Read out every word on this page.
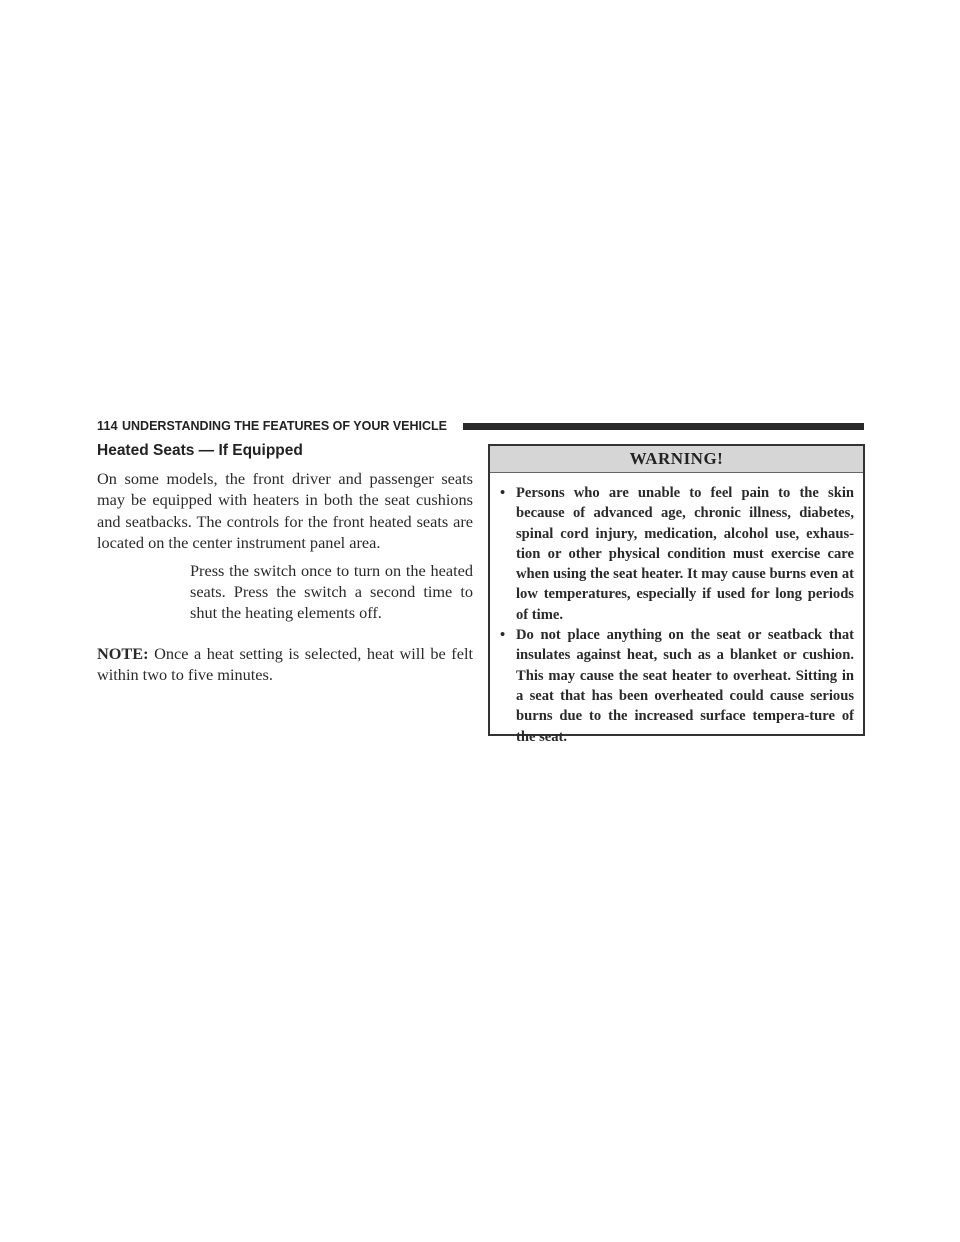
114 UNDERSTANDING THE FEATURES OF YOUR VEHICLE
Heated Seats — If Equipped

On some models, the front driver and passenger seats may be equipped with heaters in both the seat cushions and seatbacks. The controls for the front heated seats are located on the center instrument panel area.

Press the switch once to turn on the heated seats. Press the switch a second time to shut the heating elements off.

NOTE: Once a heat setting is selected, heat will be felt within two to five minutes.

WARNING!
• Persons who are unable to feel pain to the skin because of advanced age, chronic illness, diabetes, spinal cord injury, medication, alcohol use, exhaus-tion or other physical condition must exercise care when using the seat heater. It may cause burns even at low temperatures, especially if used for long periods of time.
• Do not place anything on the seat or seatback that insulates against heat, such as a blanket or cushion. This may cause the seat heater to overheat. Sitting in a seat that has been overheated could cause serious burns due to the increased surface tempera-ture of the seat.
